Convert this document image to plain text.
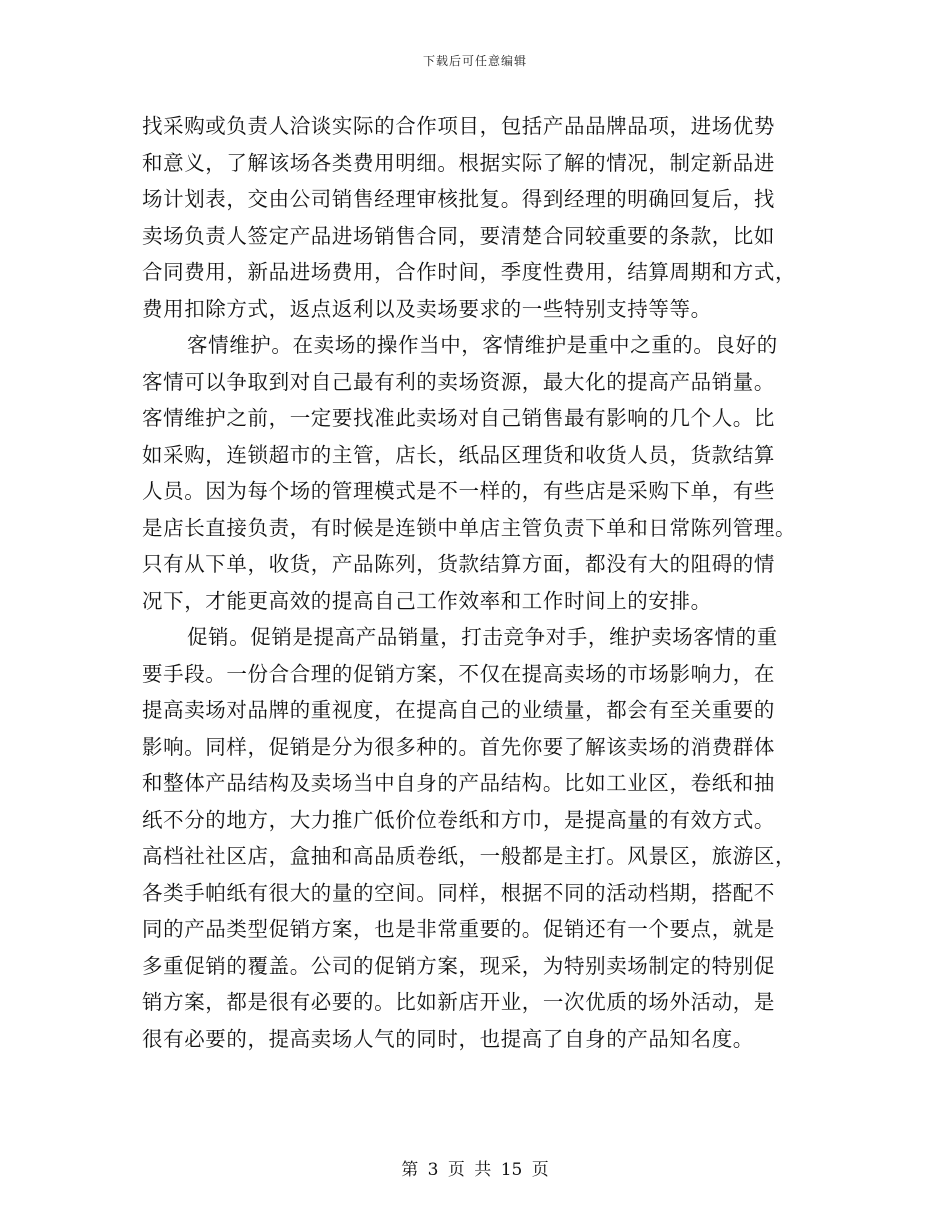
下载后可任意编辑
找采购或负责人洽谈实际的合作项目，包括产品品牌品项，进场优势
和意义，了解该场各类费用明细。根据实际了解的情况，制定新品进
场计划表，交由公司销售经理审核批复。得到经理的明确回复后，找
卖场负责人签定产品进场销售合同，要清楚合同较重要的条款，比如
合同费用，新品进场费用，合作时间，季度性费用，结算周期和方式，
费用扣除方式，返点返利以及卖场要求的一些特别支持等等。
客情维护。在卖场的操作当中，客情维护是重中之重的。良好的
客情可以争取到对自己最有利的卖场资源，最大化的提高产品销量。
客情维护之前，一定要找准此卖场对自己销售最有影响的几个人。比
如采购，连锁超市的主管，店长，纸品区理货和收货人员，货款结算
人员。因为每个场的管理模式是不一样的，有些店是采购下单，有些
是店长直接负责，有时候是连锁中单店主管负责下单和日常陈列管理。
只有从下单，收货，产品陈列，货款结算方面，都没有大的阻碍的情
况下，才能更高效的提高自己工作效率和工作时间上的安排。
促销。促销是提高产品销量，打击竞争对手，维护卖场客情的重
要手段。一份合合理的促销方案，不仅在提高卖场的市场影响力，在
提高卖场对品牌的重视度，在提高自己的业绩量，都会有至关重要的
影响。同样，促销是分为很多种的。首先你要了解该卖场的消费群体
和整体产品结构及卖场当中自身的产品结构。比如工业区，卷纸和抽
纸不分的地方，大力推广低价位卷纸和方巾，是提高量的有效方式。
高档社社区店，盒抽和高品质卷纸，一般都是主打。风景区，旅游区，
各类手帕纸有很大的量的空间。同样，根据不同的活动档期，搭配不
同的产品类型促销方案，也是非常重要的。促销还有一个要点，就是
多重促销的覆盖。公司的促销方案，现采，为特别卖场制定的特别促
销方案，都是很有必要的。比如新店开业，一次优质的场外活动，是
很有必要的，提高卖场人气的同时，也提高了自身的产品知名度。
第 3 页 共 15 页
